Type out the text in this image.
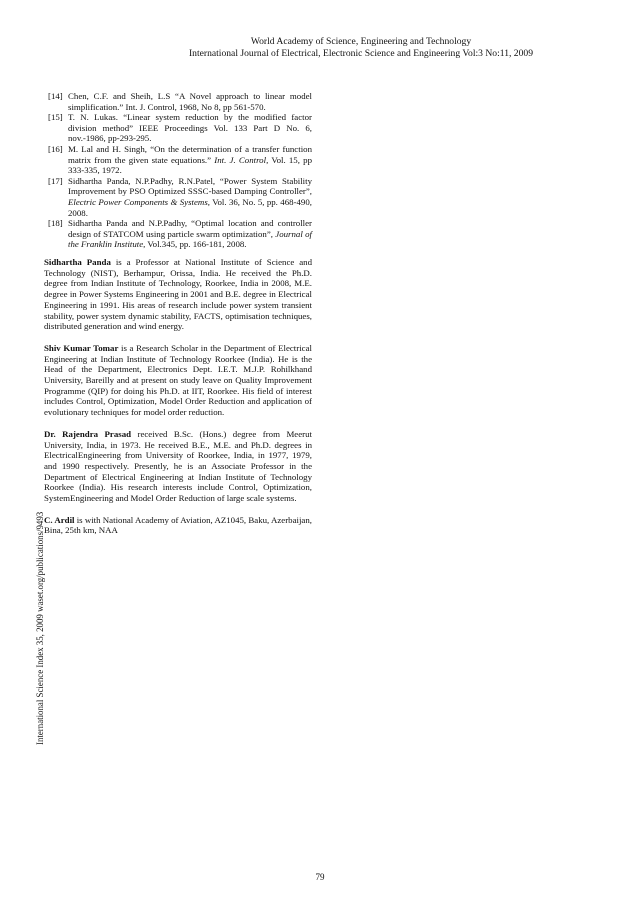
World Academy of Science, Engineering and Technology
International Journal of Electrical, Electronic Science and Engineering Vol:3 No:11, 2009
International Science Index 35, 2009 waset.org/publications/9493

[14] Chen, C.F. and Sheih, L.S “A Novel approach to linear model simplification.” Int. J. Control, 1968, No 8, pp 561-570.

[15] T. N. Lukas. “Linear system reduction by the modified factor division method” IEEE Proceedings Vol. 133 Part D No. 6, nov.-1986, pp-293-295.

[16] M. Lal and H. Singh, “On the determination of a transfer function matrix from the given state equations.” Int. J. Control, Vol. 15, pp 333-335, 1972.

[17] Sidhartha Panda, N.P.Padhy, R.N.Patel, “Power System Stability Improvement by PSO Optimized SSSC-based Damping Controller”, Electric Power Components & Systems, Vol. 36, No. 5, pp. 468-490, 2008.

[18] Sidhartha Panda and N.P.Padhy, “Optimal location and controller design of STATCOM using particle swarm optimization”, Journal of the Franklin Institute, Vol.345, pp. 166-181, 2008.

Sidhartha Panda is a Professor at National Institute of Science and Technology (NIST), Berhampur, Orissa, India. He received the Ph.D. degree from Indian Institute of Technology, Roorkee, India in 2008, M.E. degree in Power Systems Engineering in 2001 and B.E. degree in Electrical Engineering in 1991. His areas of research include power system transient stability, power system dynamic stability, FACTS, optimisation techniques, distributed generation and wind energy.

Shiv Kumar Tomar is a Research Scholar in the Department of Electrical Engineering at Indian Institute of Technology Roorkee (India). He is the Head of the Department, Electronics Dept. I.E.T. M.J.P. Rohilkhand University, Bareilly and at present on study leave on Quality Improvement Programme (QIP) for doing his Ph.D. at IIT, Roorkee. His field of interest includes Control, Optimization, Model Order Reduction and application of evolutionary techniques for model order reduction.

Dr. Rajendra Prasad received B.Sc. (Hons.) degree from Meerut University, India, in 1973. He received B.E., M.E. and Ph.D. degrees in ElectricalEngineering from University of Roorkee, India, in 1977, 1979, and 1990 respectively. Presently, he is an Associate Professor in the Department of Electrical Engineering at Indian Institute of Technology Roorkee (India). His research interests include Control, Optimization, SystemEngineering and Model Order Reduction of large scale systems.

C. Ardil is with National Academy of Aviation, AZ1045, Baku, Azerbaijan, Bina, 25th km, NAA

79
